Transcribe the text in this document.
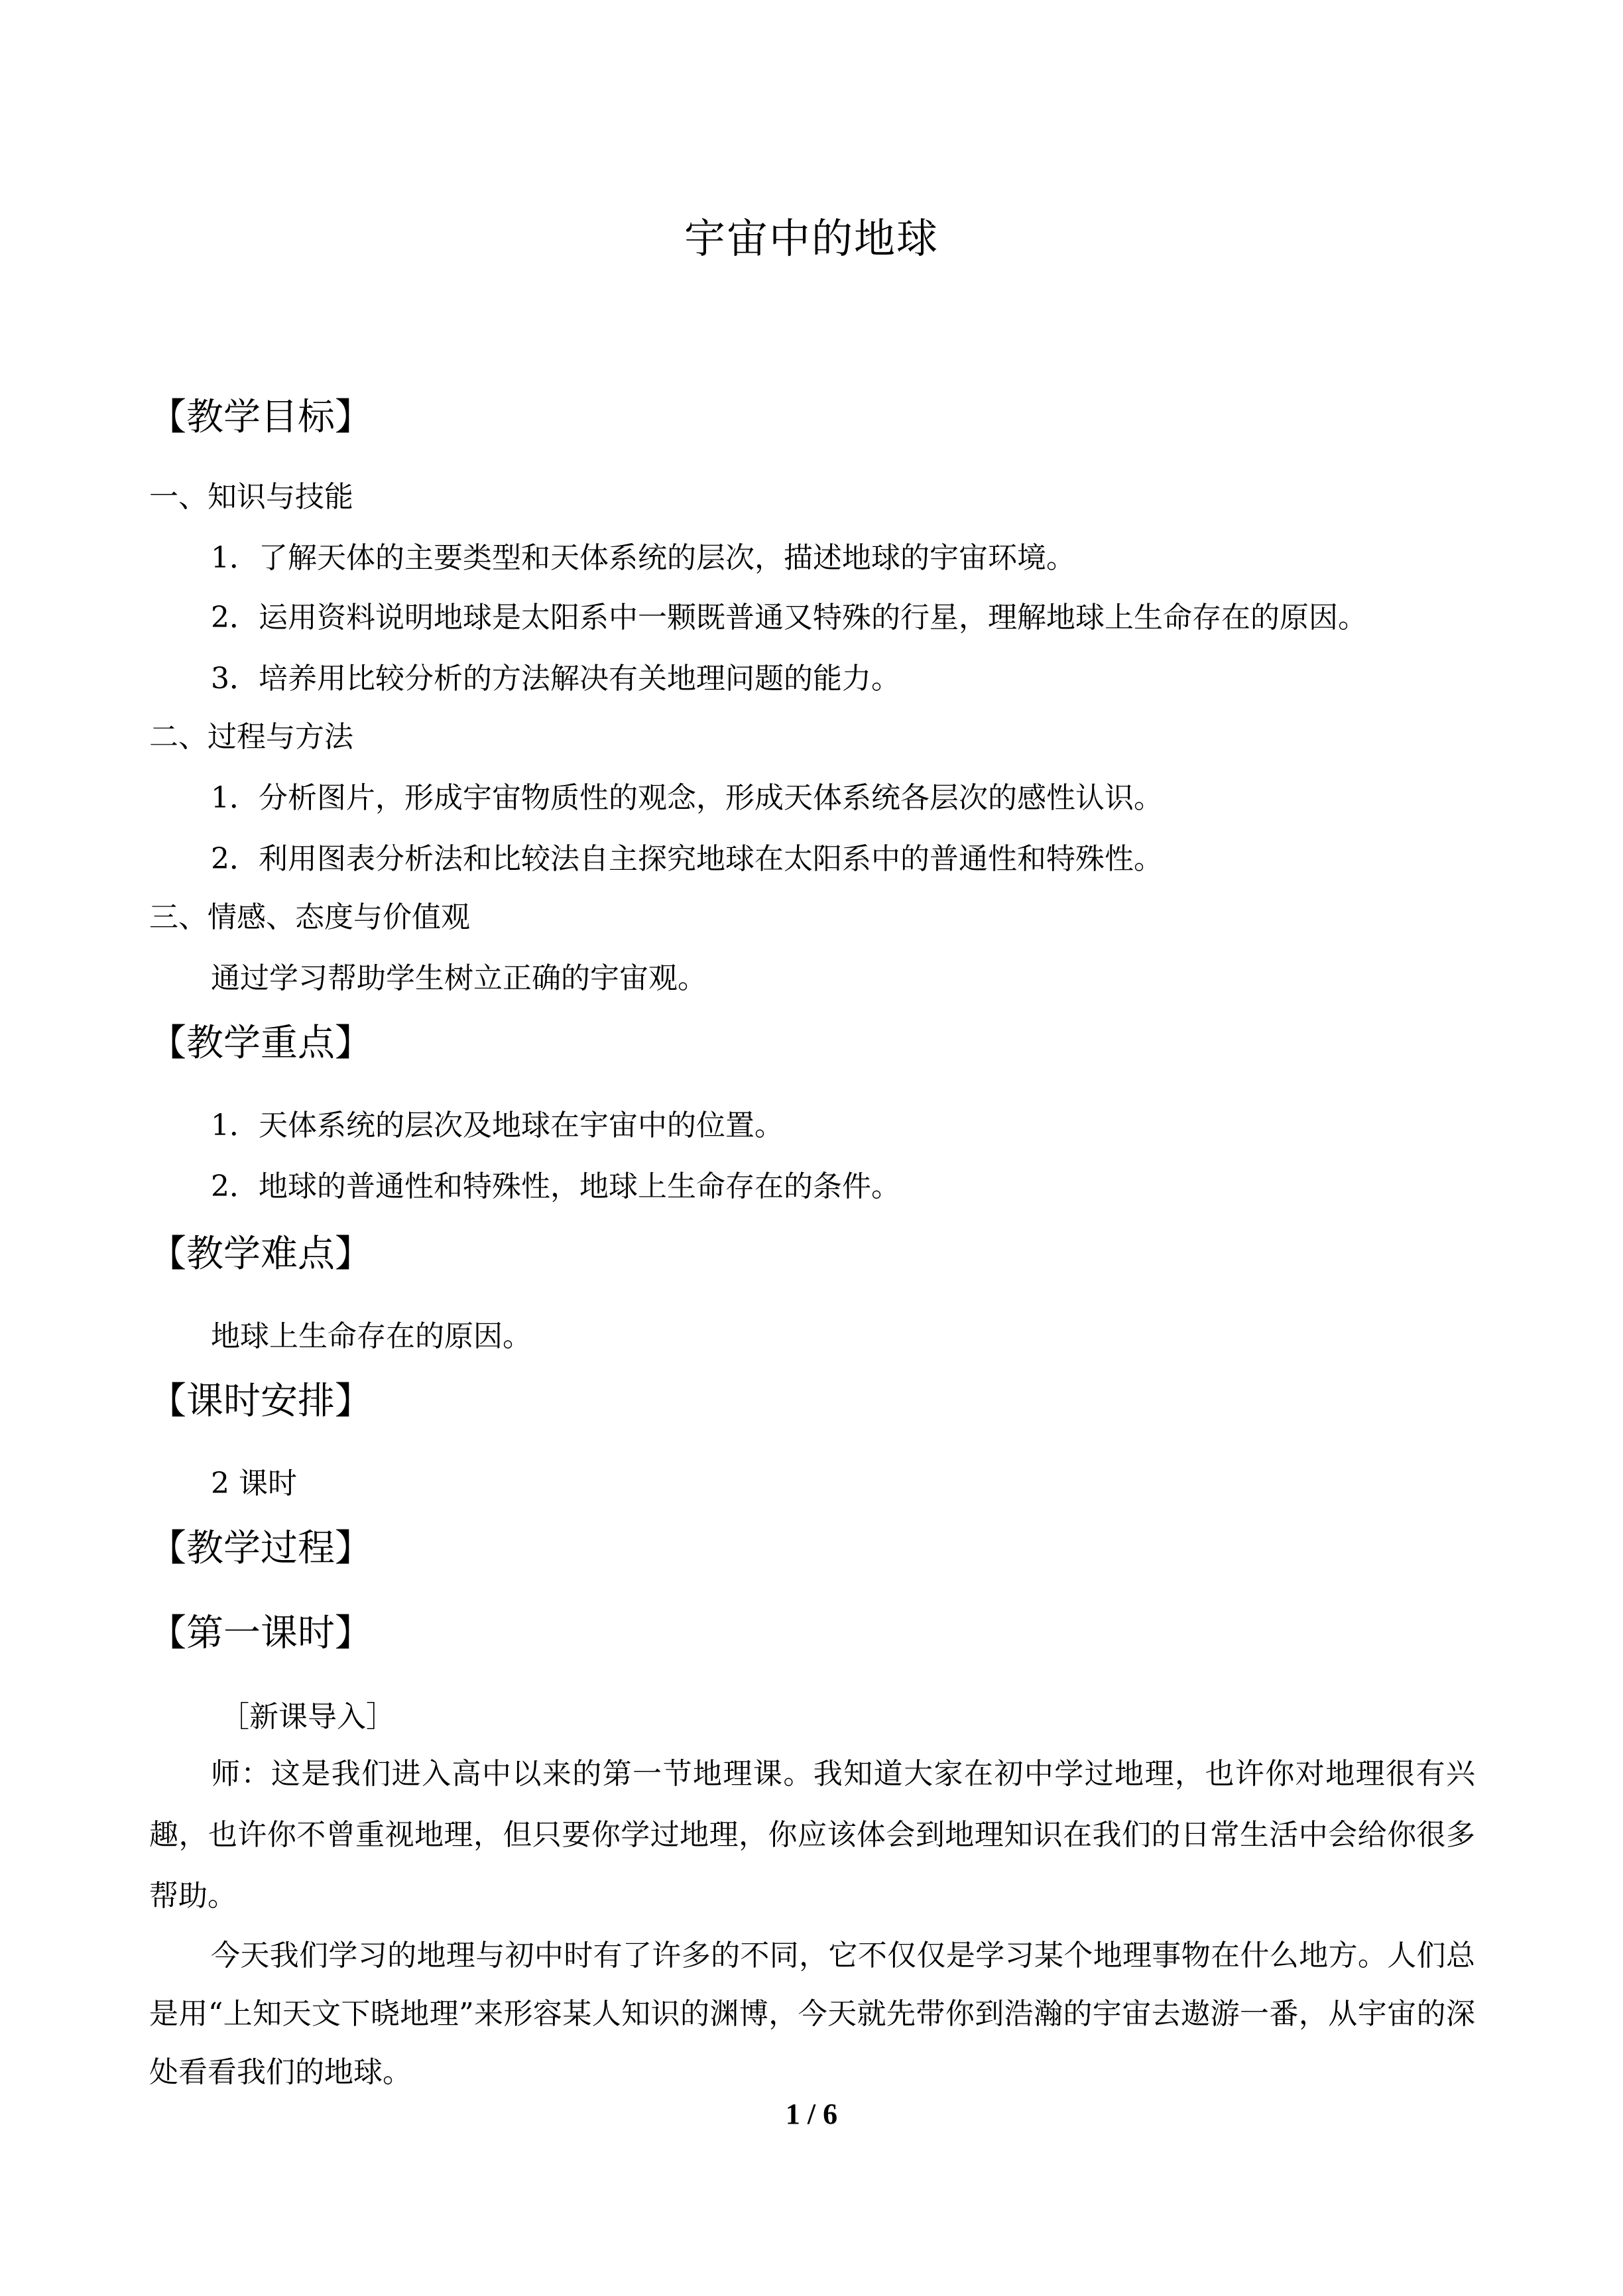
宇宙中的地球
【教学目标】
一、知识与技能
1．了解天体的主要类型和天体系统的层次，描述地球的宇宙环境。
2．运用资料说明地球是太阳系中一颗既普通又特殊的行星，理解地球上生命存在的原因。
3．培养用比较分析的方法解决有关地理问题的能力。
二、过程与方法
1．分析图片，形成宇宙物质性的观念，形成天体系统各层次的感性认识。
2．利用图表分析法和比较法自主探究地球在太阳系中的普通性和特殊性。
三、情感、态度与价值观
通过学习帮助学生树立正确的宇宙观。
【教学重点】
1．天体系统的层次及地球在宇宙中的位置。
2．地球的普通性和特殊性，地球上生命存在的条件。
【教学难点】
地球上生命存在的原因。
【课时安排】
2 课时
【教学过程】
【第一课时】
［新课导入］
师：这是我们进入高中以来的第一节地理课。我知道大家在初中学过地理，也许你对地理很有兴趣，也许你不曾重视地理，但只要你学过地理，你应该体会到地理知识在我们的日常生活中会给你很多帮助。
今天我们学习的地理与初中时有了许多的不同，它不仅仅是学习某个地理事物在什么地方。人们总是用“上知天文下晓地理”来形容某人知识的渊博，今天就先带你到浩瀚的宇宙去遨游一番，从宇宙的深处看看我们的地球。
1 / 6
